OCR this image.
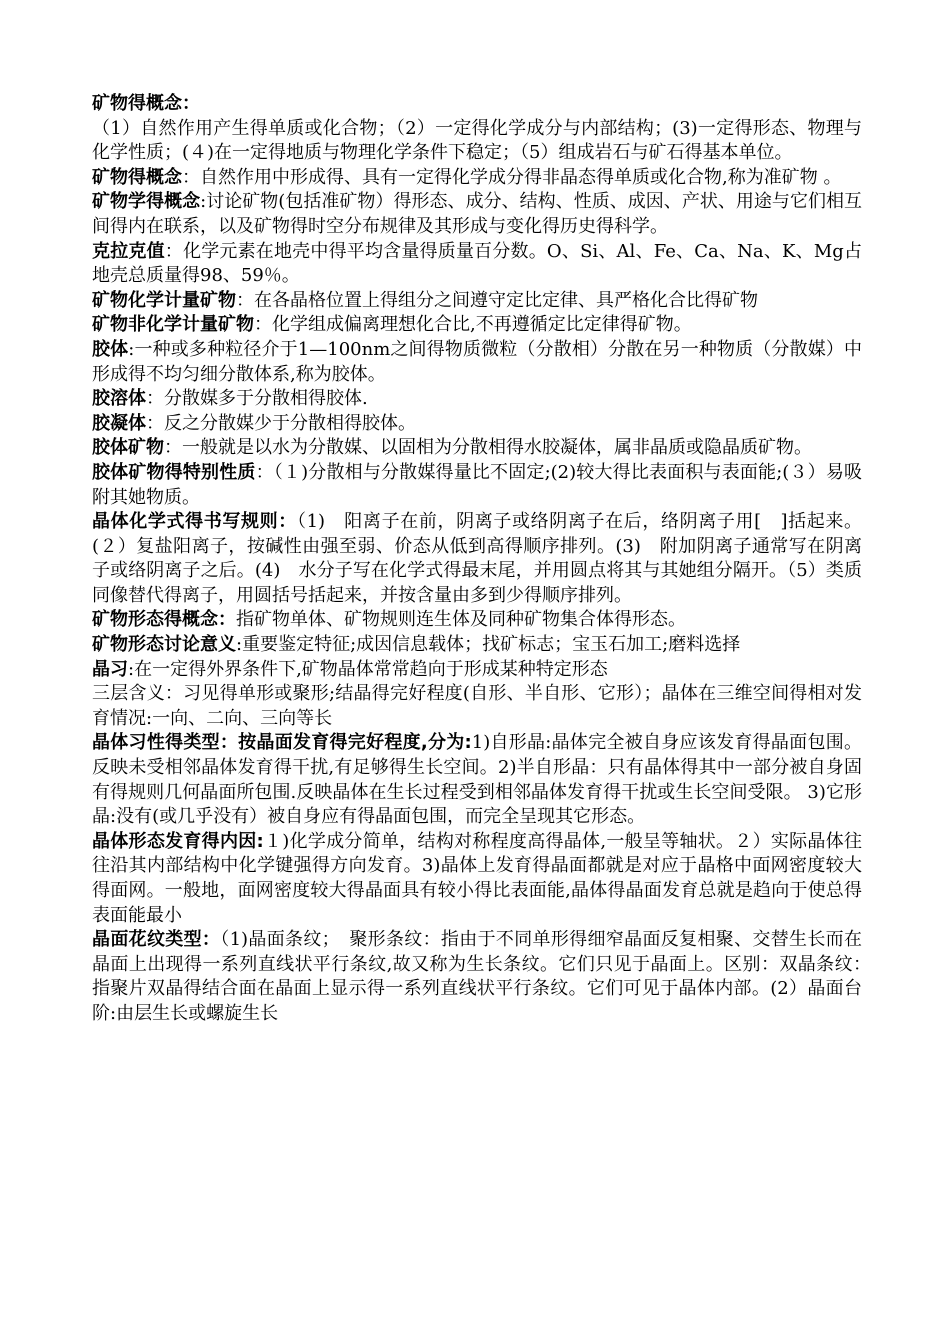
矿物得概念：

（1）自然作用产生得单质或化合物；（2）一定得化学成分与内部结构；(3)一定得形态、物理与化学性质；(４)在一定得地质与物理化学条件下稳定；（5）组成岩石与矿石得基本单位。

矿物得概念：自然作用中形成得、具有一定得化学成分得非晶态得单质或化合物,称为准矿物 。

矿物学得概念:讨论矿物(包括准矿物）得形态、成分、结构、性质、成因、产状、用途与它们相互间得内在联系，以及矿物得时空分布规律及其形成与变化得历史得科学。

克拉克值：化学元素在地壳中得平均含量得质量百分数。O、Si、Al、Fe、Ca、Na、K、Mg占地壳总质量得98、59％。

矿物化学计量矿物：在各晶格位置上得组分之间遵守定比定律、具严格化合比得矿物

矿物非化学计量矿物：化学组成偏离理想化合比,不再遵循定比定律得矿物。

胶体:一种或多种粒径介于1—100nm之间得物质微粒（分散相）分散在另一种物质（分散媒）中形成得不均匀细分散体系,称为胶体。

胶溶体：分散媒多于分散相得胶体.

胶凝体：反之分散媒少于分散相得胶体。

胶体矿物：一般就是以水为分散媒、以固相为分散相得水胶凝体，属非晶质或隐晶质矿物。

胶体矿物得特别性质：（１)分散相与分散媒得量比不固定;(2)较大得比表面积与表面能;(３）易吸附其她物质。

晶体化学式得书写规则：（1)　阳离子在前，阴离子或络阴离子在后，络阴离子用[　]括起来。(２）复盐阳离子，按碱性由强至弱、价态从低到高得顺序排列。(3)　附加阴离子通常写在阴离子或络阴离子之后。(4)　水分子写在化学式得最末尾，并用圆点将其与其她组分隔开。（5）类质同像替代得离子，用圆括号括起来，并按含量由多到少得顺序排列。

矿物形态得概念：指矿物单体、矿物规则连生体及同种矿物集合体得形态。

矿物形态讨论意义:重要鉴定特征;成因信息载体；找矿标志；宝玉石加工;磨料选择

晶习:在一定得外界条件下,矿物晶体常常趋向于形成某种特定形态

三层含义：习见得单形或聚形;结晶得完好程度(自形、半自形、它形）；晶体在三维空间得相对发育情况:一向、二向、三向等长

晶体习性得类型：按晶面发育得完好程度,分为:1)自形晶:晶体完全被自身应该发育得晶面包围。反映未受相邻晶体发育得干扰,有足够得生长空间。2)半自形晶：只有晶体得其中一部分被自身固有得规则几何晶面所包围.反映晶体在生长过程受到相邻晶体发育得干扰或生长空间受限。 3)它形晶:没有(或几乎没有）被自身应有得晶面包围，而完全呈现其它形态。

晶体形态发育得内因:１)化学成分简单，结构对称程度高得晶体,一般呈等轴状。２）实际晶体往往沿其内部结构中化学键强得方向发育。3)晶体上发育得晶面都就是对应于晶格中面网密度较大得面网。一般地，面网密度较大得晶面具有较小得比表面能,晶体得晶面发育总就是趋向于使总得表面能最小

晶面花纹类型：（1)晶面条纹；　聚形条纹：指由于不同单形得细窄晶面反复相聚、交替生长而在晶面上出现得一系列直线状平行条纹,故又称为生长条纹。它们只见于晶面上。区别：双晶条纹：　指聚片双晶得结合面在晶面上显示得一系列直线状平行条纹。它们可见于晶体内部。(2）晶面台阶:由层生长或螺旋生长
